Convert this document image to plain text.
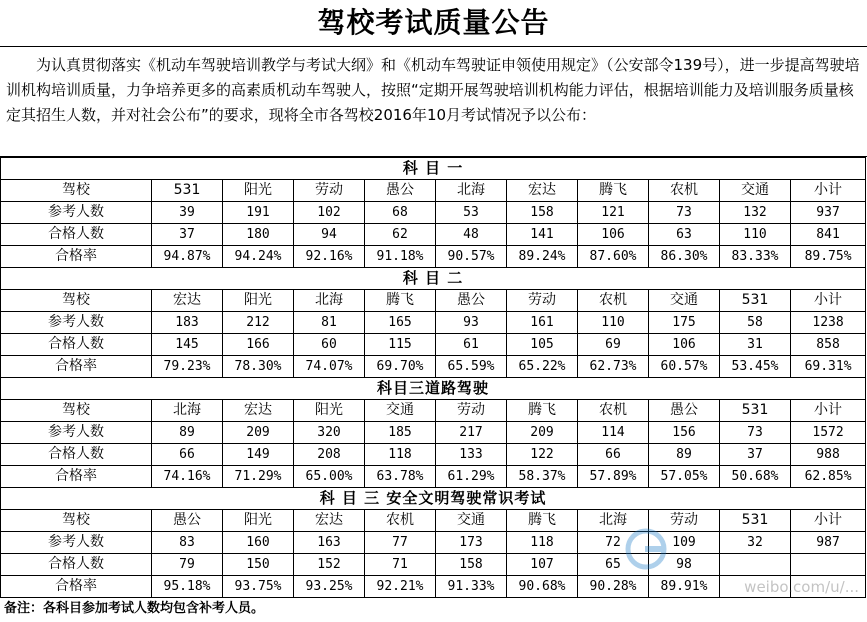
驾校考试质量公告
为认真贯彻落实《机动车驾驶培训教学与考试大纲》和《机动车驾驶证申领使用规定》（公安部令139号），进一步提高驾驶培训机构培训质量，力争培养更多的高素质机动车驾驶人，按照“定期开展驾驶培训机构能力评估，根据培训能力及培训服务质量核定其招生人数，并对社会公布”的要求，现将全市各驾校2016年10月考试情况予以公布：
科 目 一										
驾校	531	阳光	劳动	愚公	北海	宏达	腾飞	农机	交通	小计
参考人数	39	191	102	68	53	158	121	73	132	937
合格人数	37	180	94	62	48	141	106	63	110	841
合格率	94.87%	94.24%	92.16%	91.18%	90.57%	89.24%	87.60%	86.30%	83.33%	89.75%
科 目 二										
驾校	宏达	阳光	北海	腾飞	愚公	劳动	农机	交通	531	小计
参考人数	183	212	81	165	93	161	110	175	58	1238
合格人数	145	166	60	115	61	105	69	106	31	858
合格率	79.23%	78.30%	74.07%	69.70%	65.59%	65.22%	62.73%	60.57%	53.45%	69.31%
科目三道路驾驶										
驾校	北海	宏达	阳光	交通	劳动	腾飞	农机	愚公	531	小计
参考人数	89	209	320	185	217	209	114	156	73	1572
合格人数	66	149	208	118	133	122	66	89	37	988
合格率	74.16%	71.29%	65.00%	63.78%	61.29%	58.37%	57.89%	57.05%	50.68%	62.85%
科 目 三 安全文明驾驶常识考试										
驾校	愚公	阳光	宏达	农机	交通	腾飞	北海	劳动	531	小计
参考人数	83	160	163	77	173	118	72	109	32	987
合格人数	79	150	152	71	158	107	65	98		
合格率	95.18%	93.75%	93.25%	92.21%	91.33%	90.68%	90.28%	89.91%		
备注：各科目参加考试人数均包含补考人员。
weibo.com/u/...
